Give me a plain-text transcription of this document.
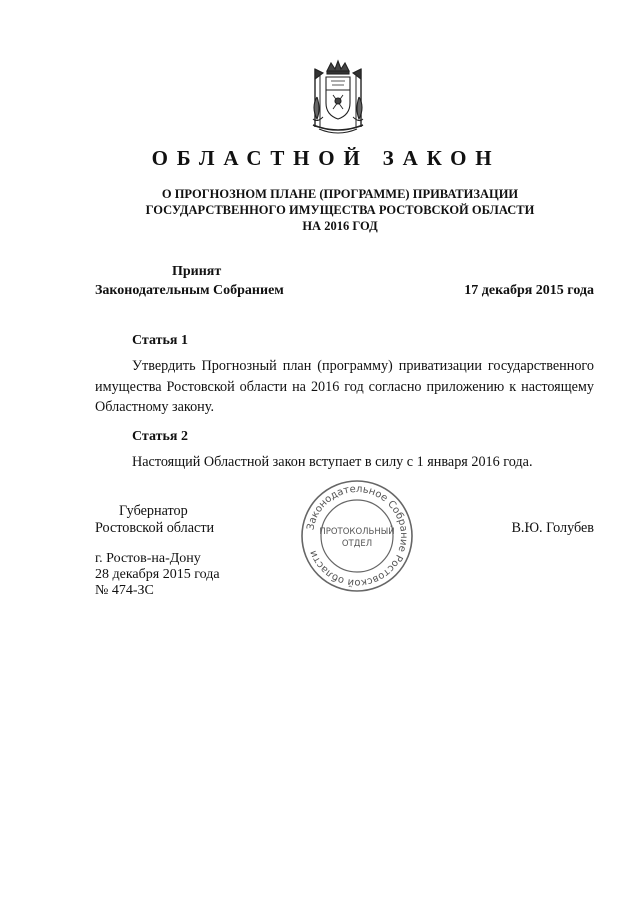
ОБЛАСТНОЙ ЗАКОН
О ПРОГНОЗНОМ ПЛАНЕ (ПРОГРАММЕ) ПРИВАТИЗАЦИИ
ГОСУДАРСТВЕННОГО ИМУЩЕСТВА РОСТОВСКОЙ ОБЛАСТИ
НА 2016 ГОД
Принят
Законодательным Собранием	17 декабря 2015 года
Статья 1

Утвердить Прогнозный план (программу) приватизации государственного имущества Ростовской области на 2016 год согласно приложению к настоящему Областному закону.

Статья 2

Настоящий Областной закон вступает в силу с 1 января 2016 года.

Губернатор
Ростовской области	В.Ю. Голубев
Законодательное Собрание Ростовской области
ПРОТОКОЛЬНЫЙ
ОТДЕЛ
г. Ростов-на-Дону
28 декабря 2015 года
№ 474-ЗС
